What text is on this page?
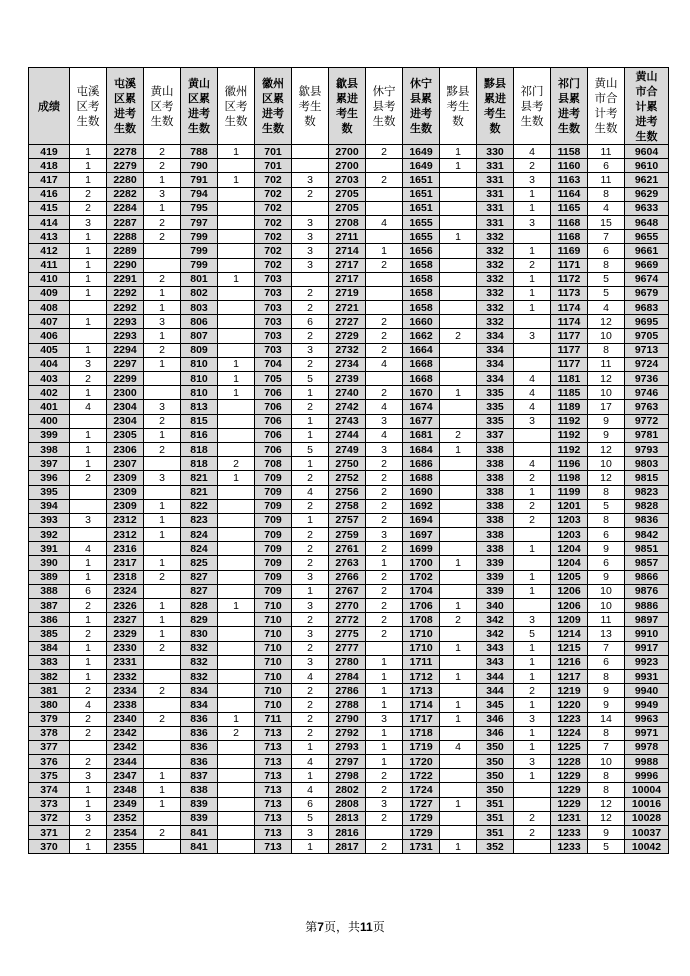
成绩	屯溪区考生数	屯溪区累进考生数	黄山区考生数	黄山区累进考生数	徽州区考生数	徽州区累进考生数	歙县考生数	歙县累进考生数	休宁县考生数	休宁县累进考生数	黟县考生数	黟县累进考生数	祁门县考生数	祁门县累进考生数	黄山市合计考生数	黄山市合计累进考生数
419	1	2278	2	788	1	701		2700	2	1649	1	330	4	1158	11	9604
418	1	2279	2	790		701		2700		1649	1	331	2	1160	6	9610
417	1	2280	1	791	1	702	3	2703	2	1651		331	3	1163	11	9621
416	2	2282	3	794		702	2	2705		1651		331	1	1164	8	9629
415	2	2284	1	795		702		2705		1651		331	1	1165	4	9633
414	3	2287	2	797		702	3	2708	4	1655		331	3	1168	15	9648
413	1	2288	2	799		702	3	2711		1655	1	332		1168	7	9655
412	1	2289		799		702	3	2714	1	1656		332	1	1169	6	9661
411	1	2290		799		702	3	2717	2	1658		332	2	1171	8	9669
410	1	2291	2	801	1	703		2717		1658		332	1	1172	5	9674
409	1	2292	1	802		703	2	2719		1658		332	1	1173	5	9679
408		2292	1	803		703	2	2721		1658		332	1	1174	4	9683
407	1	2293	3	806		703	6	2727	2	1660		332		1174	12	9695
406		2293	1	807		703	2	2729	2	1662	2	334	3	1177	10	9705
405	1	2294	2	809		703	3	2732	2	1664		334		1177	8	9713
404	3	2297	1	810	1	704	2	2734	4	1668		334		1177	11	9724
403	2	2299		810	1	705	5	2739		1668		334	4	1181	12	9736
402	1	2300		810	1	706	1	2740	2	1670	1	335	4	1185	10	9746
401	4	2304	3	813		706	2	2742	4	1674		335	4	1189	17	9763
400		2304	2	815		706	1	2743	3	1677		335	3	1192	9	9772
399	1	2305	1	816		706	1	2744	4	1681	2	337		1192	9	9781
398	1	2306	2	818		706	5	2749	3	1684	1	338		1192	12	9793
397	1	2307		818	2	708	1	2750	2	1686		338	4	1196	10	9803
396	2	2309	3	821	1	709	2	2752	2	1688		338	2	1198	12	9815
395		2309		821		709	4	2756	2	1690		338	1	1199	8	9823
394		2309	1	822		709	2	2758	2	1692		338	2	1201	5	9828
393	3	2312	1	823		709	1	2757	2	1694		338	2	1203	8	9836
392		2312	1	824		709	2	2759	3	1697		338		1203	6	9842
391	4	2316		824		709	2	2761	2	1699		338	1	1204	9	9851
390	1	2317	1	825		709	2	2763	1	1700	1	339		1204	6	9857
389	1	2318	2	827		709	3	2766	2	1702		339	1	1205	9	9866
388	6	2324		827		709	1	2767	2	1704		339	1	1206	10	9876
387	2	2326	1	828	1	710	3	2770	2	1706	1	340		1206	10	9886
386	1	2327	1	829		710	2	2772	2	1708	2	342	3	1209	11	9897
385	2	2329	1	830		710	3	2775	2	1710		342	5	1214	13	9910
384	1	2330	2	832		710	2	2777		1710	1	343	1	1215	7	9917
383	1	2331		832		710	3	2780	1	1711		343	1	1216	6	9923
382	1	2332		832		710	4	2784	1	1712	1	344	1	1217	8	9931
381	2	2334	2	834		710	2	2786	1	1713		344	2	1219	9	9940
380	4	2338		834		710	2	2788	1	1714	1	345	1	1220	9	9949
379	2	2340	2	836	1	711	2	2790	3	1717	1	346	3	1223	14	9963
378	2	2342		836	2	713	2	2792	1	1718		346	1	1224	8	9971
377		2342		836		713	1	2793	1	1719	4	350	1	1225	7	9978
376	2	2344		836		713	4	2797	1	1720		350	3	1228	10	9988
375	3	2347	1	837		713	1	2798	2	1722		350	1	1229	8	9996
374	1	2348	1	838		713	4	2802	2	1724		350		1229	8	10004
373	1	2349	1	839		713	6	2808	3	1727	1	351		1229	12	10016
372	3	2352		839		713	5	2813	2	1729		351	2	1231	12	10028
371	2	2354	2	841		713	3	2816		1729		351	2	1233	9	10037
370	1	2355		841		713	1	2817	2	1731	1	352		1233	5	10042
第7页，共11页
